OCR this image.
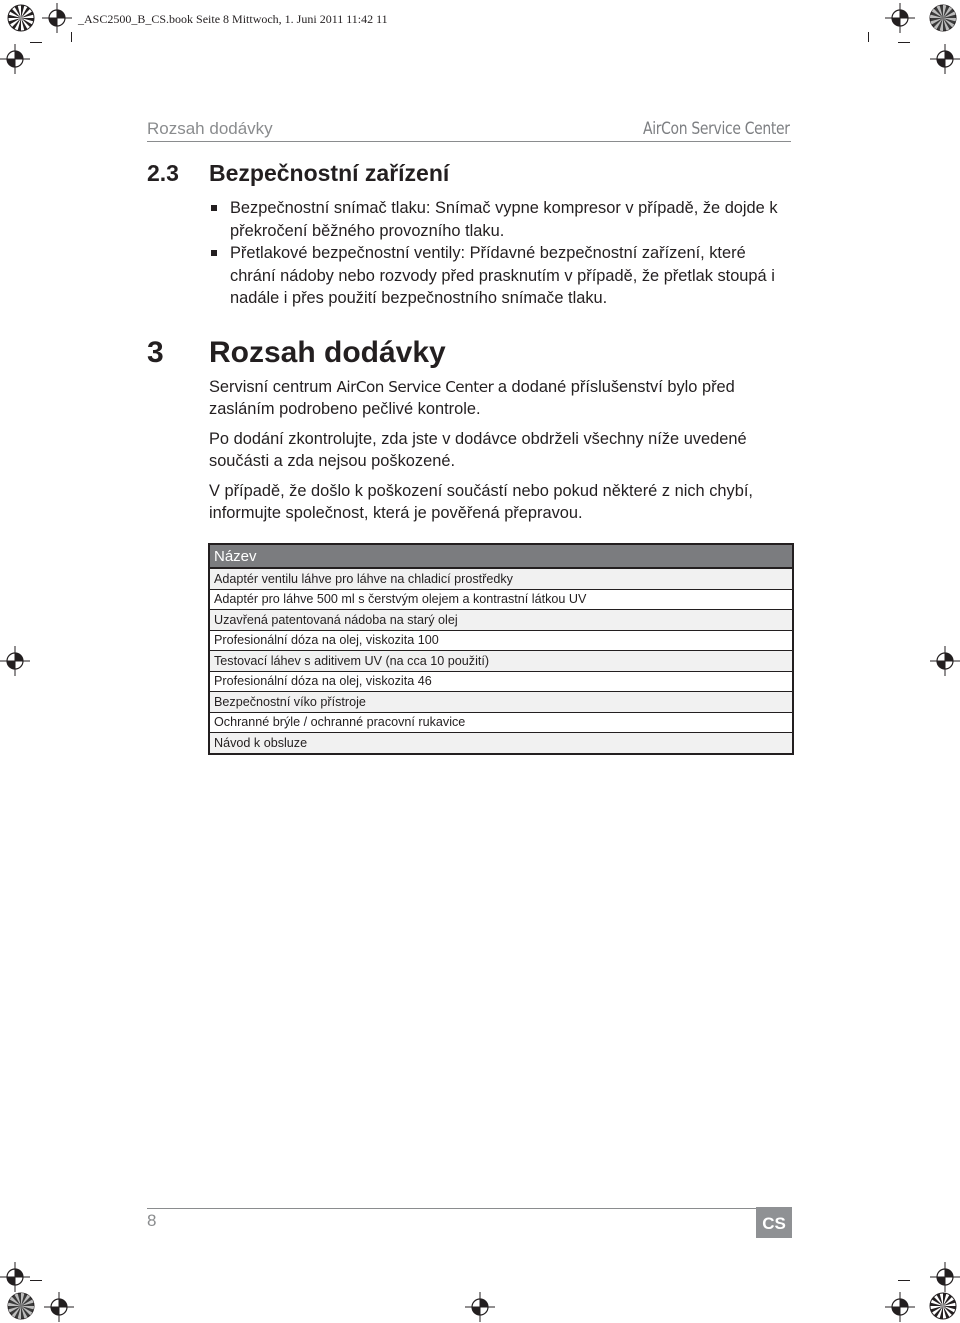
_ASC2500_B_CS.book Seite 8 Mittwoch, 1. Juni 2011 11:42 11
Rozsah dodávky	AirCon Service Center
2.3 Bezpečnostní zařízení
Bezpečnostní snímač tlaku: Snímač vypne kompresor v případě, že dojde k překročení běžného provozního tlaku.
Přetlakové bezpečnostní ventily: Přídavné bezpečnostní zařízení, které chrání nádoby nebo rozvody před prasknutím v případě, že přetlak stoupá i nadále i přes použití bezpečnostního snímače tlaku.
3 Rozsah dodávky
Servisní centrum AirCon Service Center a dodané příslušenství bylo před zasláním podrobeno pečlivé kontrole.
Po dodání zkontrolujte, zda jste v dodávce obdrželi všechny níže uvedené součásti a zda nejsou poškozené.
V případě, že došlo k poškození součástí nebo pokud některé z nich chybí, informujte společnost, která je pověřená přepravou.
Název
Adaptér ventilu láhve pro láhve na chladicí prostředky
Adaptér pro láhve 500 ml s čerstvým olejem a kontrastní látkou UV
Uzavřená patentovaná nádoba na starý olej
Profesionální dóza na olej, viskozita 100
Testovací láhev s aditivem UV (na cca 10 použití)
Profesionální dóza na olej, viskozita 46
Bezpečnostní víko přístroje
Ochranné brýle / ochranné pracovní rukavice
Návod k obsluze
8	CS
